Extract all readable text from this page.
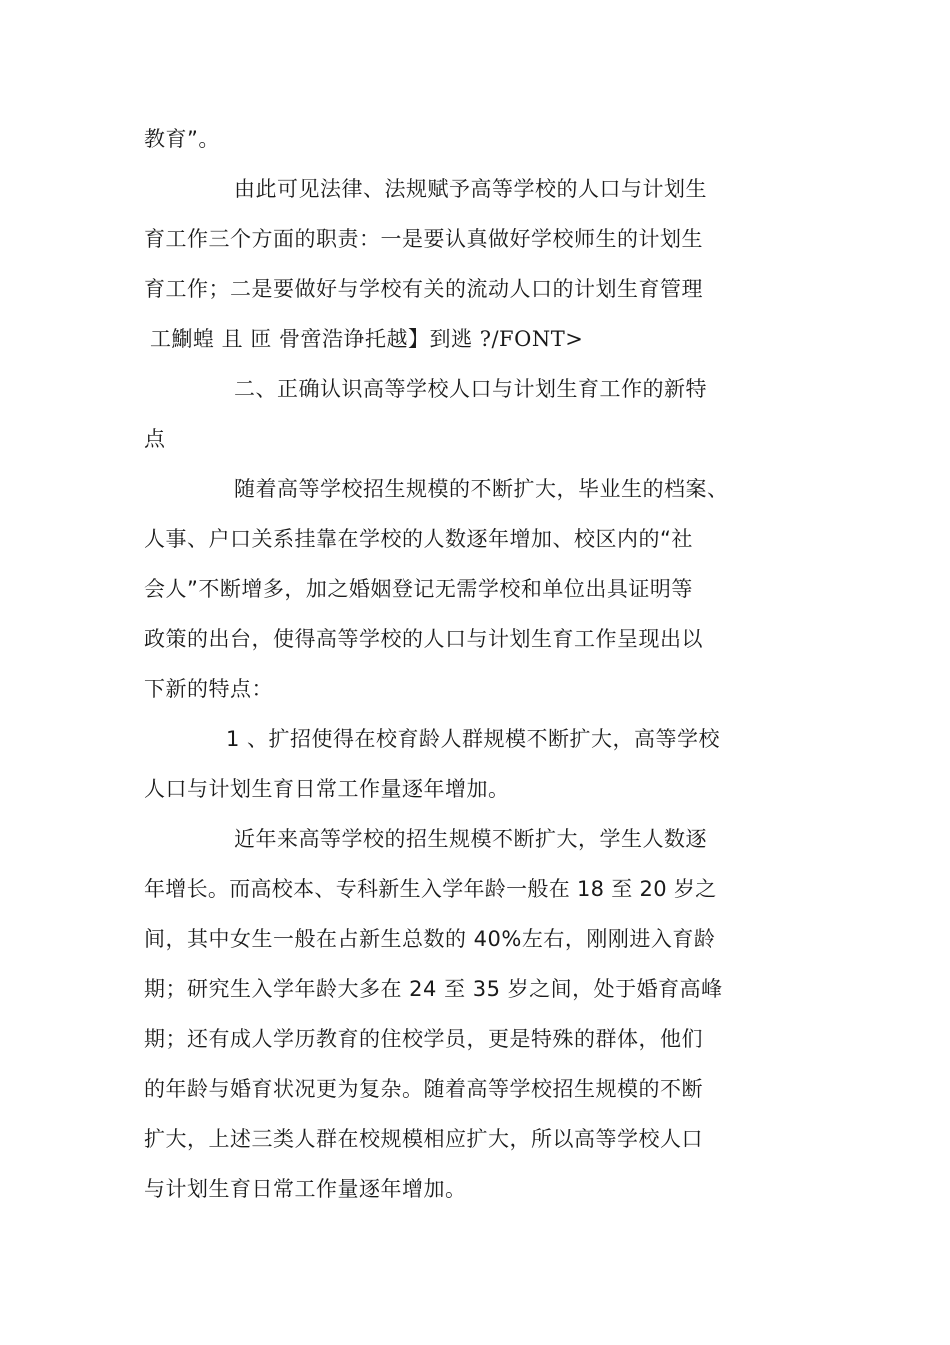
教育”。
由此可见法律、法规赋予高等学校的人口与计划生
育工作三个方面的职责：一是要认真做好学校师生的计划生
育工作；二是要做好与学校有关的流动人口的计划生育管理
工鯯蝗 且 匝 骨啻浩诤托越】到逃 ?/FONT>
二、正确认识高等学校人口与计划生育工作的新特
点
随着高等学校招生规模的不断扩大，毕业生的档案、
人事、户口关系挂靠在学校的人数逐年增加、校区内的“社
会人”不断增多，加之婚姻登记无需学校和单位出具证明等
政策的出台，使得高等学校的人口与计划生育工作呈现出以
下新的特点：
1 、扩招使得在校育龄人群规模不断扩大，高等学校
人口与计划生育日常工作量逐年增加。
近年来高等学校的招生规模不断扩大，学生人数逐
年增长。而高校本、专科新生入学年龄一般在 18 至 20 岁之
间，其中女生一般在占新生总数的 40%左右，刚刚进入育龄
期；研究生入学年龄大多在 24 至 35 岁之间，处于婚育高峰
期；还有成人学历教育的住校学员，更是特殊的群体，他们
的年龄与婚育状况更为复杂。随着高等学校招生规模的不断
扩大，上述三类人群在校规模相应扩大，所以高等学校人口
与计划生育日常工作量逐年增加。
